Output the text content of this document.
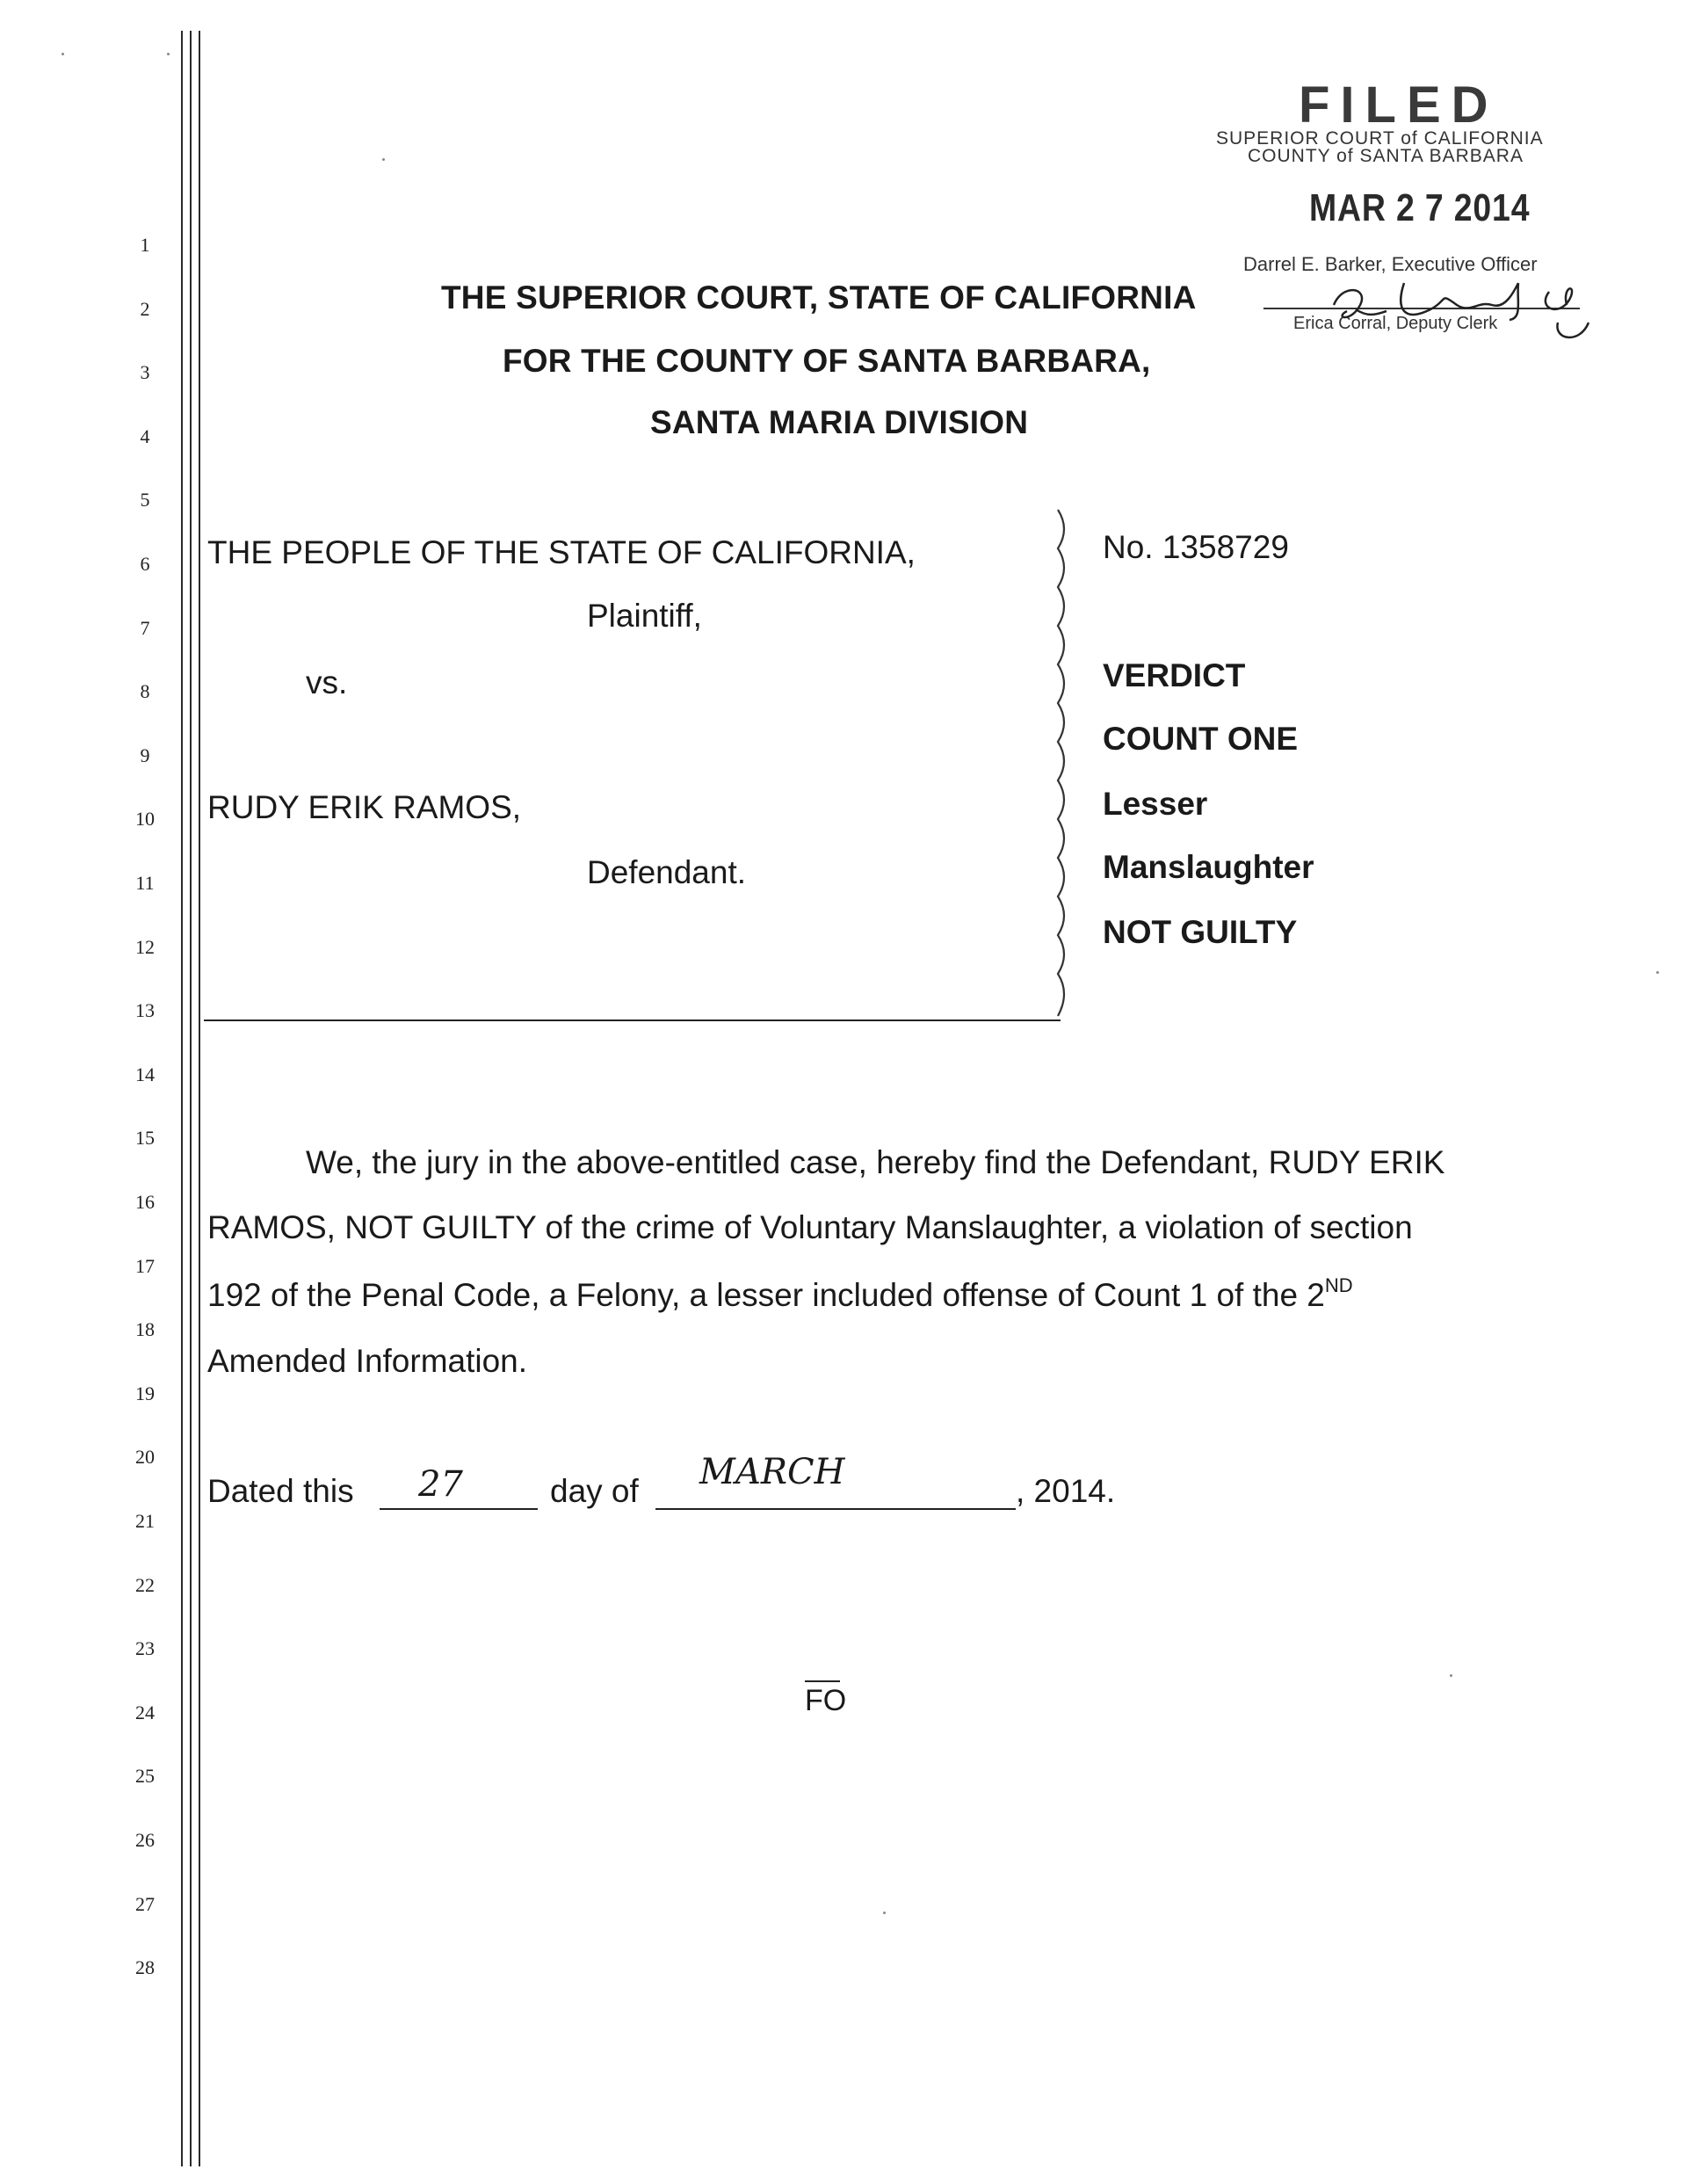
1
2
3
4
5
6
7
8
9
10
11
12
13
14
15
16
17
18
19
20
21
22
23
24
25
26
27
28
FILED
SUPERIOR COURT of CALIFORNIA
COUNTY of SANTA BARBARA
MAR 2 7 2014
Darrel E. Barker, Executive Officer
Erica Corral, Deputy Clerk
THE SUPERIOR COURT, STATE OF CALIFORNIA
FOR THE COUNTY OF SANTA BARBARA,
SANTA MARIA DIVISION
THE PEOPLE OF THE STATE OF CALIFORNIA,
Plaintiff,
vs.
RUDY ERIK RAMOS,
Defendant.
No. 1358729
VERDICT
COUNT ONE
Lesser
Manslaughter
NOT GUILTY
We, the jury in the above-entitled case, hereby find the Defendant, RUDY ERIK
RAMOS, NOT GUILTY of the crime of Voluntary Manslaughter, a violation of section
192 of the Penal Code, a Felony, a lesser included offense of Count 1 of the 2ND
Amended Information.
Dated this 27	day of MARCH	, 2014.
FO
